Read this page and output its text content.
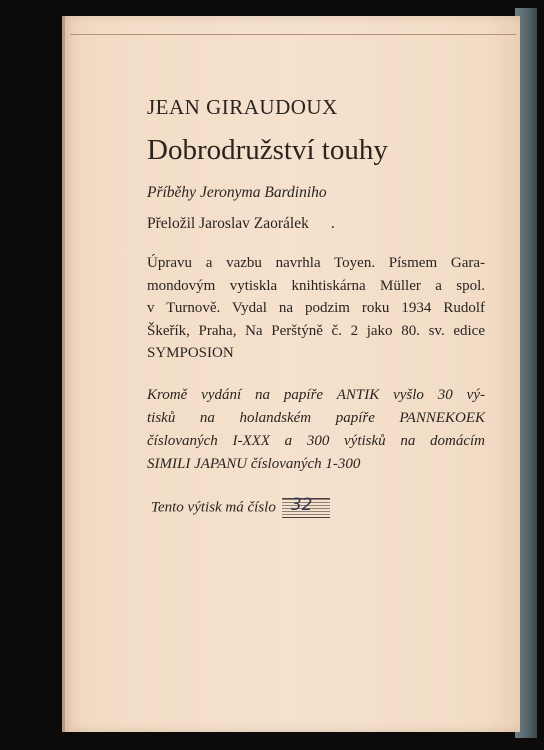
JEAN GIRAUDOUX
Dobrodružství touhy
Příběhy Jeronyma Bardiniho
Přeložil Jaroslav Zaorálek .
Úpravu a vazbu navrhla Toyen. Písmem Gara-
mondovým vytiskla knihtiskárna Müller a spol.
v Turnově. Vydal na podzim roku 1934 Rudolf
Škeřík, Praha, Na Perštýně č. 2 jako 80. sv. edice
SYMPOSION
Kromě vydání na papíře ANTIK vyšlo 30 vý-
tisků na holandském papíře PANNEKOEK
číslovaných I-XXX a 300 výtisků na domácím
SIMILI JAPANU číslovaných 1-300
Tento výtisk má číslo 32
